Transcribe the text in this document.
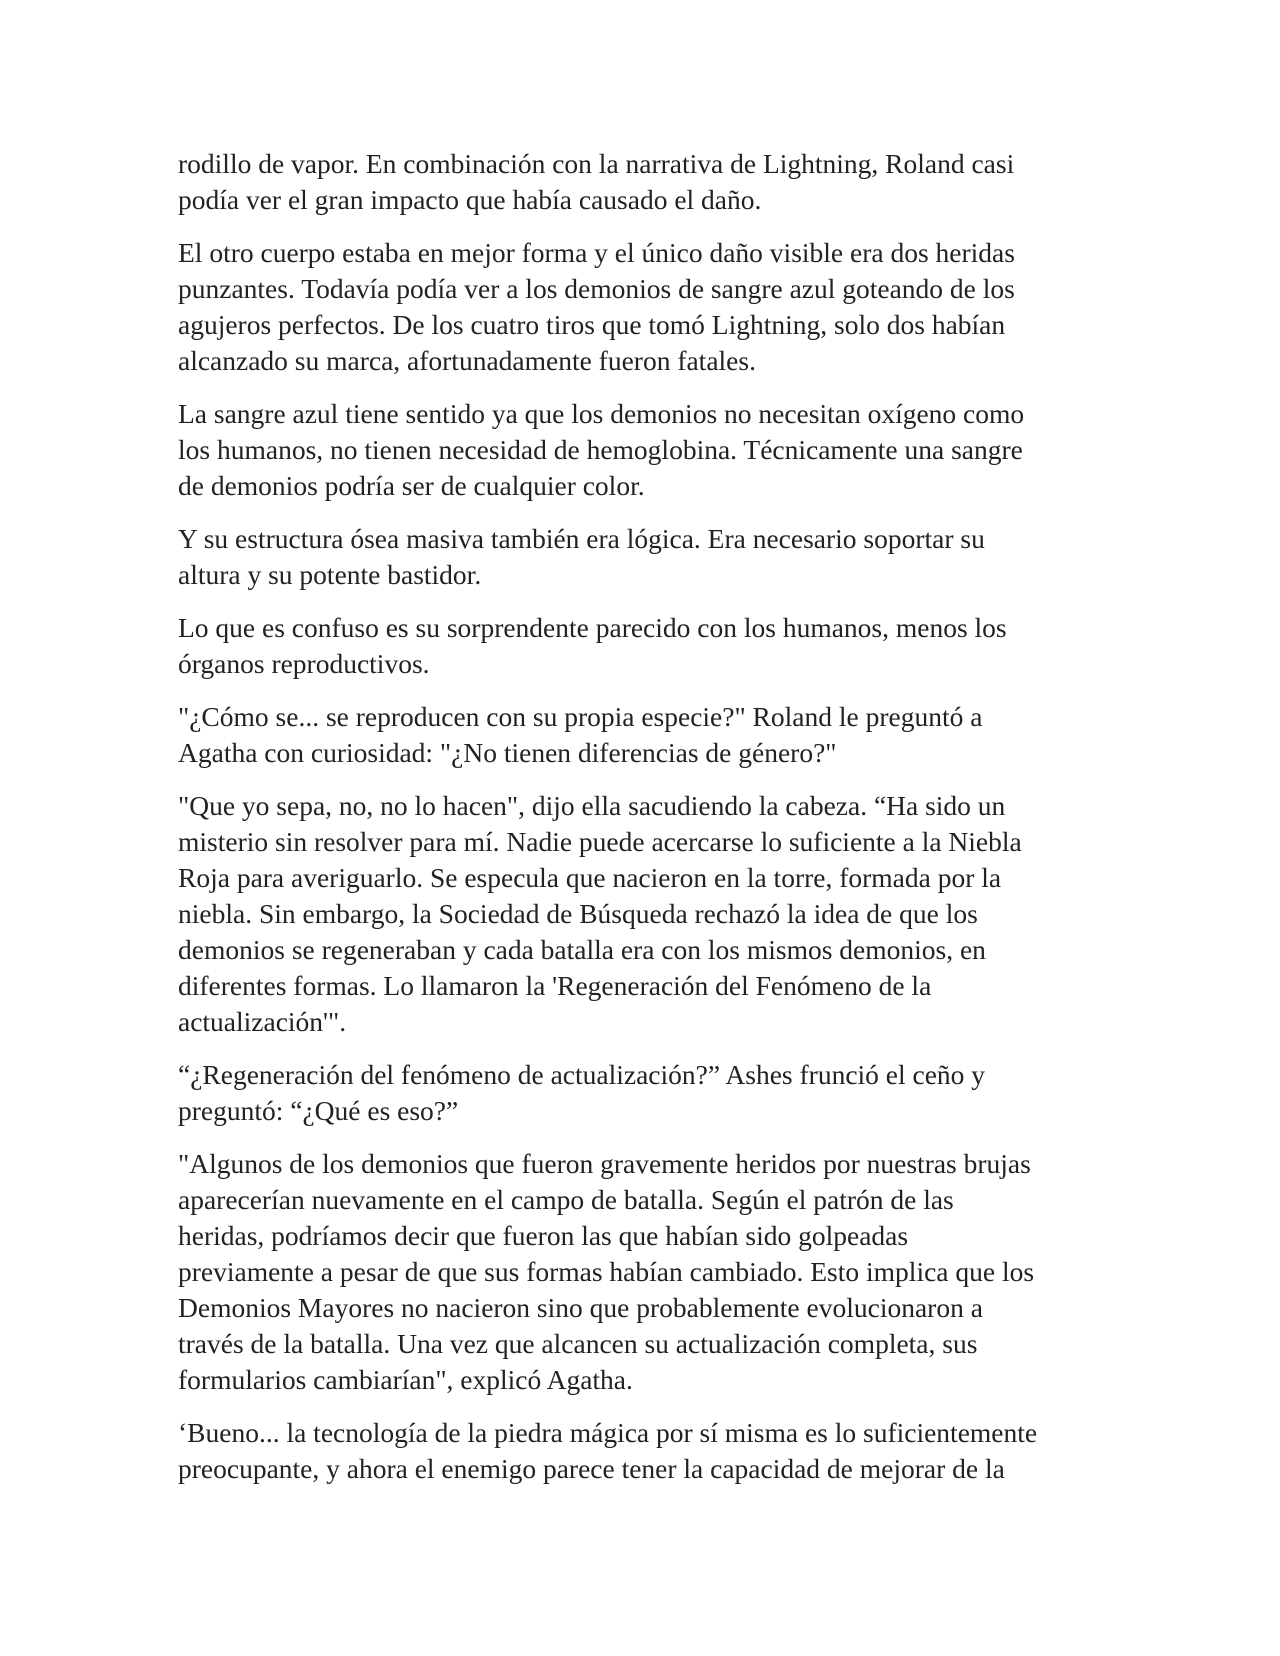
rodillo de vapor. En combinación con la narrativa de Lightning, Roland casi
podía ver el gran impacto que había causado el daño.

El otro cuerpo estaba en mejor forma y el único daño visible era dos heridas
punzantes. Todavía podía ver a los demonios de sangre azul goteando de los
agujeros perfectos. De los cuatro tiros que tomó Lightning, solo dos habían
alcanzado su marca, afortunadamente fueron fatales.

La sangre azul tiene sentido ya que los demonios no necesitan oxígeno como
los humanos, no tienen necesidad de hemoglobina. Técnicamente una sangre
de demonios podría ser de cualquier color.

Y su estructura ósea masiva también era lógica. Era necesario soportar su
altura y su potente bastidor.

Lo que es confuso es su sorprendente parecido con los humanos, menos los
órganos reproductivos.

"¿Cómo se... se reproducen con su propia especie?" Roland le preguntó a
Agatha con curiosidad: "¿No tienen diferencias de género?"

"Que yo sepa, no, no lo hacen", dijo ella sacudiendo la cabeza. “Ha sido un
misterio sin resolver para mí. Nadie puede acercarse lo suficiente a la Niebla
Roja para averiguarlo. Se especula que nacieron en la torre, formada por la
niebla. Sin embargo, la Sociedad de Búsqueda rechazó la idea de que los
demonios se regeneraban y cada batalla era con los mismos demonios, en
diferentes formas. Lo llamaron la 'Regeneración del Fenómeno de la
actualización'".

“¿Regeneración del fenómeno de actualización?” Ashes frunció el ceño y
preguntó: “¿Qué es eso?”

"Algunos de los demonios que fueron gravemente heridos por nuestras brujas
aparecerían nuevamente en el campo de batalla. Según el patrón de las
heridas, podríamos decir que fueron las que habían sido golpeadas
previamente a pesar de que sus formas habían cambiado. Esto implica que los
Demonios Mayores no nacieron sino que probablemente evolucionaron a
través de la batalla. Una vez que alcancen su actualización completa, sus
formularios cambiarían", explicó Agatha.

‘Bueno... la tecnología de la piedra mágica por sí misma es lo suficientemente
preocupante, y ahora el enemigo parece tener la capacidad de mejorar de la
